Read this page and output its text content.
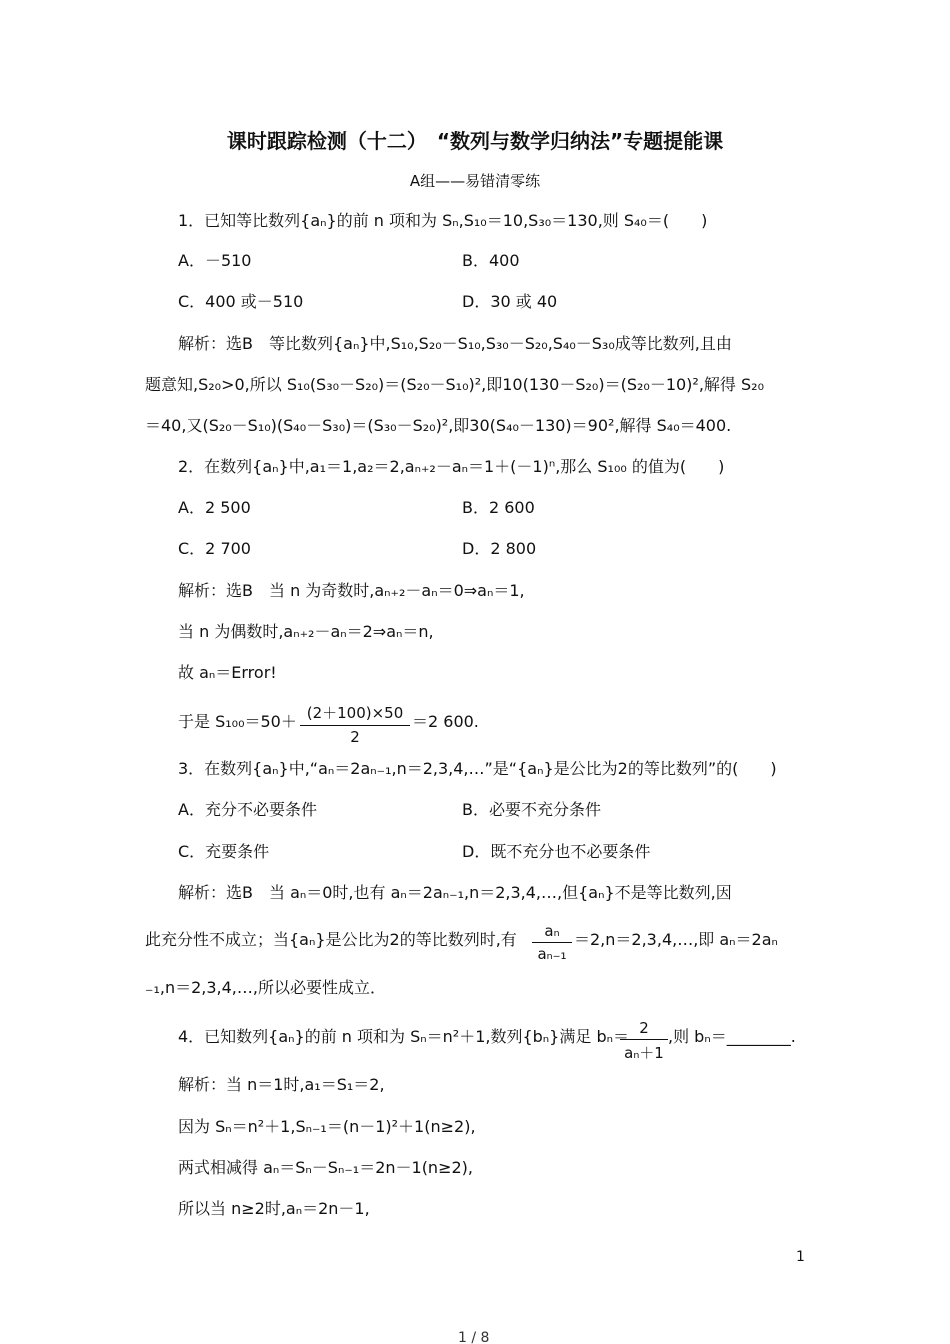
课时跟踪检测（十二）　“数列与数学归纳法”专题提能课
A组——易错清零练
1．已知等比数列{aₙ}的前 n 项和为 Sₙ,S₁₀＝10,S₃₀＝130,则 S₄₀＝(　　)
A．－510	B．400
C．400 或－510	D．30 或 40
解析：选B　等比数列{aₙ}中,S₁₀,S₂₀－S₁₀,S₃₀－S₂₀,S₄₀－S₃₀成等比数列,且由
题意知,S₂₀>0,所以 S₁₀(S₃₀－S₂₀)＝(S₂₀－S₁₀)²,即10(130－S₂₀)＝(S₂₀－10)²,解得 S₂₀
＝40,又(S₂₀－S₁₀)(S₄₀－S₃₀)＝(S₃₀－S₂₀)²,即30(S₄₀－130)＝90²,解得 S₄₀＝400.
2．在数列{aₙ}中,a₁＝1,a₂＝2,aₙ₊₂－aₙ＝1＋(－1)ⁿ,那么 S₁₀₀ 的值为(　　)
A．2 500	B．2 600
C．2 700	D．2 800
解析：选B　当 n 为奇数时,aₙ₊₂－aₙ＝0⇒aₙ＝1,
当 n 为偶数时,aₙ₊₂－aₙ＝2⇒aₙ＝n,
故 aₙ＝Error!
于是 S₁₀₀＝50＋ (2＋100)×50
2
＝2 600.
3．在数列{aₙ}中,“aₙ＝2aₙ₋₁,n＝2,3,4,…”是“{aₙ}是公比为2的等比数列”的(　　)
A．充分不必要条件	B．必要不充分条件
C．充要条件	D．既不充分也不必要条件
解析：选B　当 aₙ＝0时,也有 aₙ＝2aₙ₋₁,n＝2,3,4,…,但{aₙ}不是等比数列,因
此充分性不成立；当{aₙ}是公比为2的等比数列时,有	aₙ
aₙ₋₁
＝2,n＝2,3,4,…,即 aₙ＝2aₙ
₋₁,n＝2,3,4,…,所以必要性成立．
4．已知数列{aₙ}的前 n 项和为 Sₙ＝n²＋1,数列{bₙ}满足 bₙ＝ 2
aₙ＋1
,则 bₙ＝________.
解析：当 n＝1时,a₁＝S₁＝2,
因为 Sₙ＝n²＋1,Sₙ₋₁＝(n－1)²＋1(n≥2),
两式相减得 aₙ＝Sₙ－Sₙ₋₁＝2n－1(n≥2),
所以当 n≥2时,aₙ＝2n－1,
1
1 / 8
